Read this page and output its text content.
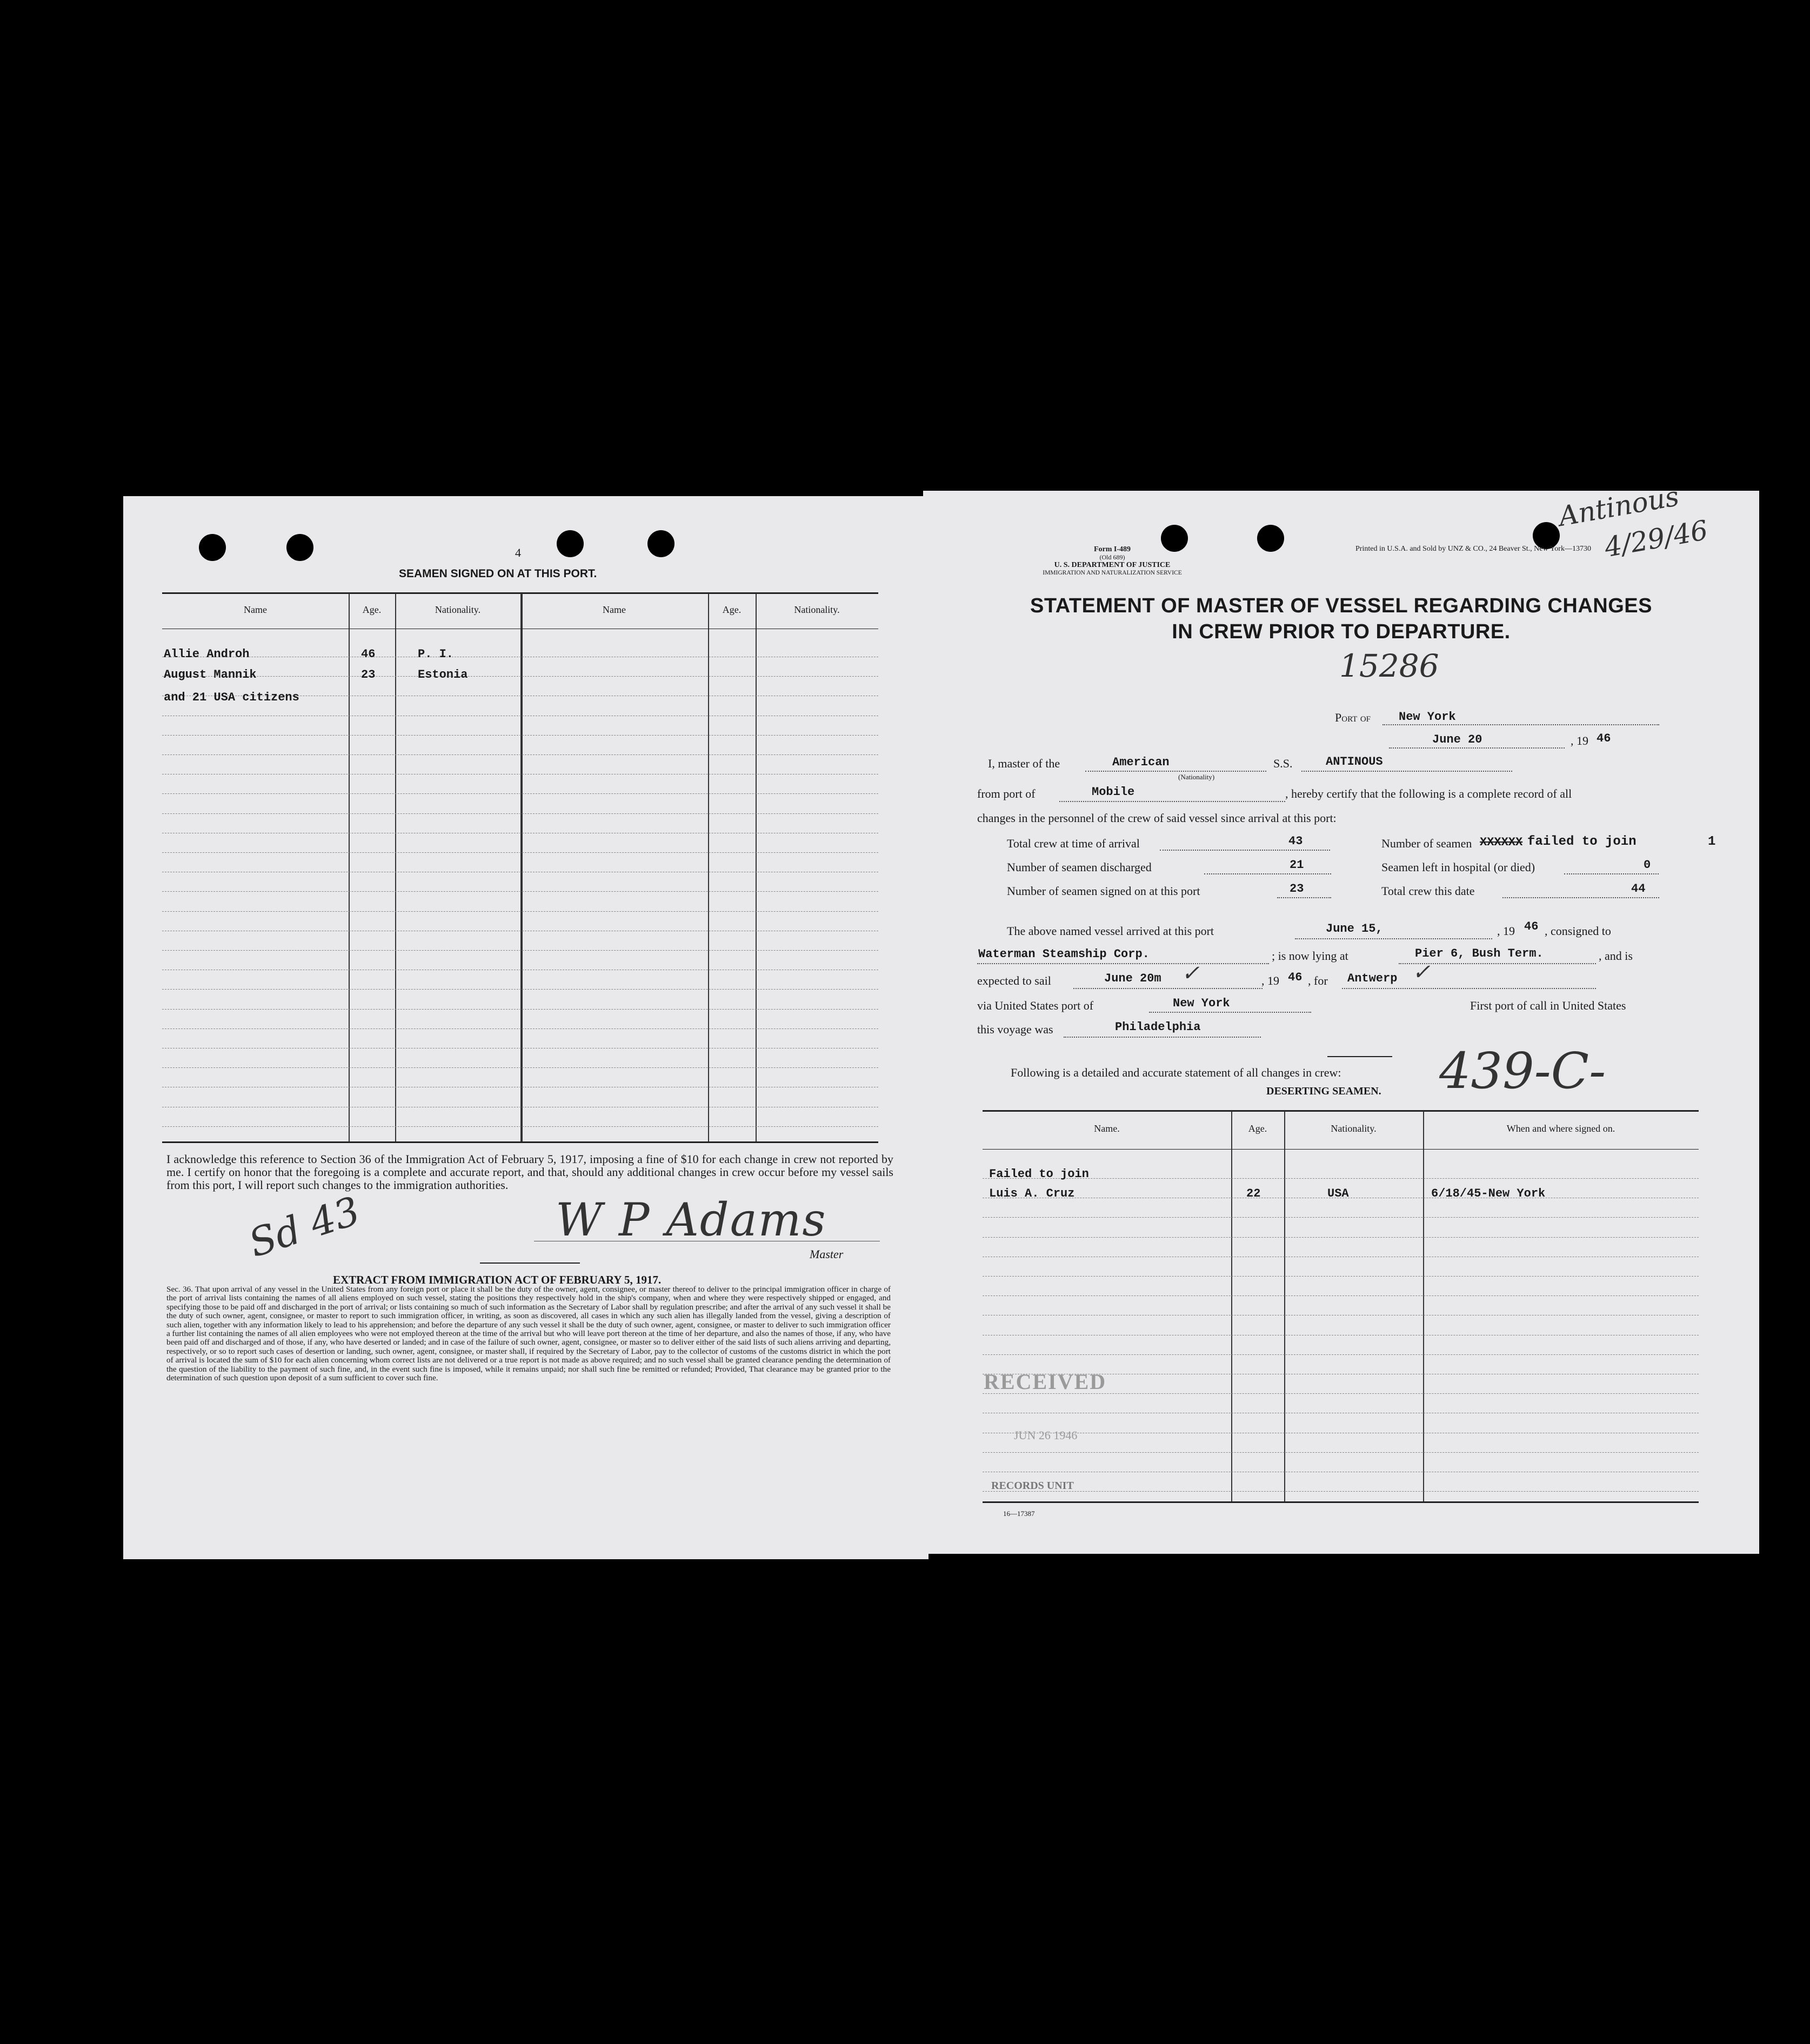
4
SEAMEN SIGNED ON AT THIS PORT.
Name	Age.	Nationality.	Name	Age.	Nationality.
Allie Androh	46	P. I.
August Mannik	23	Estonia
and 21 USA citizens
I acknowledge this reference to Section 36 of the Immigration Act of February 5, 1917, imposing a fine of $10 for each change in crew not reported by me. I certify on honor that the foregoing is a complete and accurate report, and that, should any additional changes in crew occur before my vessel sails from this port, I will report such changes to the immigration authorities.
Sd 43	W P Adams
Master
EXTRACT FROM IMMIGRATION ACT OF FEBRUARY 5, 1917.
Sec. 36. That upon arrival of any vessel in the United States from any foreign port or place it shall be the duty of the owner, agent, consignee, or master thereof to deliver to the principal immigration officer in charge of the port of arrival lists containing the names of all aliens employed on such vessel, stating the positions they respectively hold in the ship's company, when and where they were respectively shipped or engaged, and specifying those to be paid off and discharged in the port of arrival; or lists containing so much of such information as the Secretary of Labor shall by regulation prescribe; and after the arrival of any such vessel it shall be the duty of such owner, agent, consignee, or master to report to such immigration officer, in writing, as soon as discovered, all cases in which any such alien has illegally landed from the vessel, giving a description of such alien, together with any information likely to lead to his apprehension; and before the departure of any such vessel it shall be the duty of such owner, agent, consignee, or master to deliver to such immigration officer a further list containing the names of all alien employees who were not employed thereon at the time of the arrival but who will leave port thereon at the time of her departure, and also the names of those, if any, who have been paid off and discharged and of those, if any, who have deserted or landed; and in case of the failure of such owner, agent, consignee, or master so to deliver either of the said lists of such aliens arriving and departing, respectively, or so to report such cases of desertion or landing, such owner, agent, consignee, or master shall, if required by the Secretary of Labor, pay to the collector of customs of the customs district in which the port of arrival is located the sum of $10 for each alien concerning whom correct lists are not delivered or a true report is not made as above required; and no such vessel shall be granted clearance pending the determination of the question of the liability to the payment of such fine, and, in the event such fine is imposed, while it remains unpaid; nor shall such fine be remitted or refunded; Provided, That clearance may be granted prior to the determination of such question upon deposit of a sum sufficient to cover such fine.
Form I-489
(Old 689)
U. S. DEPARTMENT OF JUSTICE
IMMIGRATION AND NATURALIZATION SERVICE
Printed in U.S.A. and Sold by UNZ & CO., 24 Beaver St., New York—13730
Antinous
4/29/46
STATEMENT OF MASTER OF VESSEL REGARDING CHANGES
IN CREW PRIOR TO DEPARTURE.
15286
Port of New York
June 20	, 19 46
I, master of the	American
(Nationality)
S.S.	ANTINOUS
from port of	Mobile	, hereby certify that the following is a complete record of all
changes in the personnel of the crew of said vessel since arrival at this port:
Total crew at time of arrival	43	Number of seamen XXXXXX failed to join	1
Number of seamen discharged	21	Seamen left in hospital (or died)	0
Number of seamen signed on at this port	23	Total crew this date	44
The above named vessel arrived at this port	June 15,	, 19 46 , consigned to
Waterman Steamship Corp.	; is now lying at	Pier 6, Bush Term.	, and is
expected to sail	June 20m ✓	, 19 46 , for Antwerp ✓
via United States port of	New York	First port of call in United States
this voyage was	Philadelphia
Following is a detailed and accurate statement of all changes in crew: 439-C-
DESERTING SEAMEN.
Name.	Age.	Nationality.	When and where signed on.
Failed to join
Luis A. Cruz	22	USA	6/18/45-New York
RECEIVED
JUN 26 1946
RECORDS UNIT
16—17387
